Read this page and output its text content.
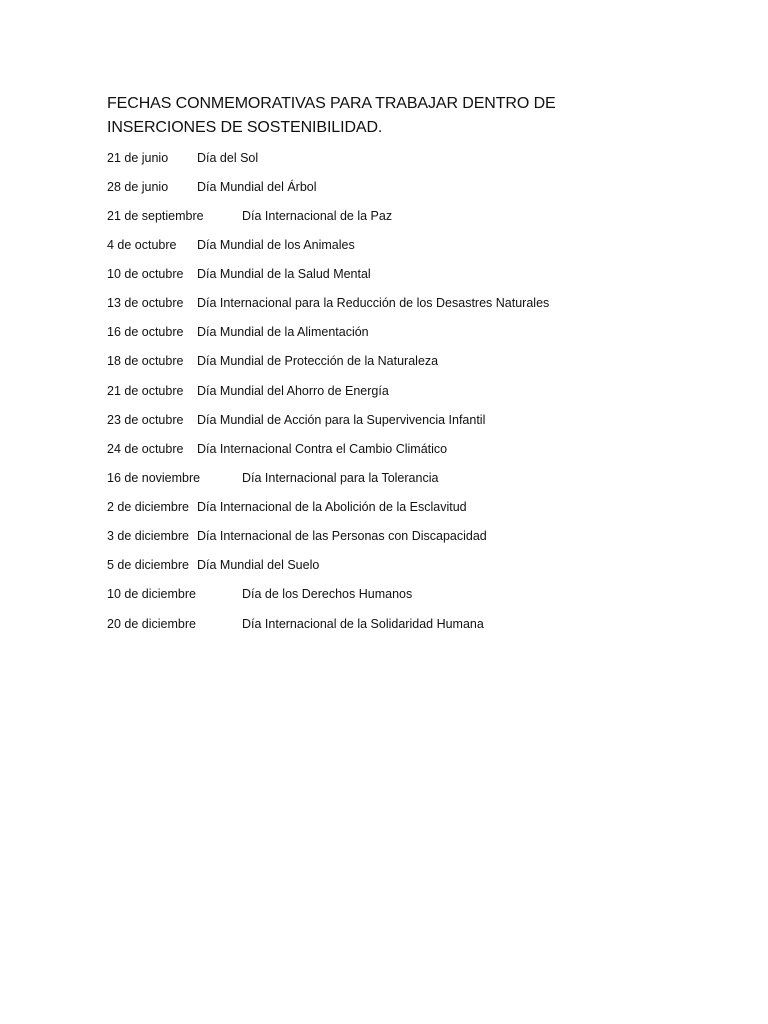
FECHAS CONMEMORATIVAS PARA TRABAJAR DENTRO DE INSERCIONES DE SOSTENIBILIDAD.
21 de junio Día del Sol
28 de junio Día Mundial del Árbol
21 de septiembre	Día Internacional de la Paz
4 de octubre Día Mundial de los Animales
10 de octubre Día Mundial de la Salud Mental
13 de octubre Día Internacional para la Reducción de los Desastres Naturales
16 de octubre Día Mundial de la Alimentación
18 de octubre Día Mundial de Protección de la Naturaleza
21 de octubre Día Mundial del Ahorro de Energía
23 de octubre Día Mundial de Acción para la Supervivencia Infantil
24 de octubre Día Internacional Contra el Cambio Climático
16 de noviembre	Día Internacional para la Tolerancia
2 de diciembre Día Internacional de la Abolición de la Esclavitud
3 de diciembre Día Internacional de las Personas con Discapacidad
5 de diciembre Día Mundial del Suelo
10 de diciembre	Día de los Derechos Humanos
20 de diciembre	Día Internacional de la Solidaridad Humana
